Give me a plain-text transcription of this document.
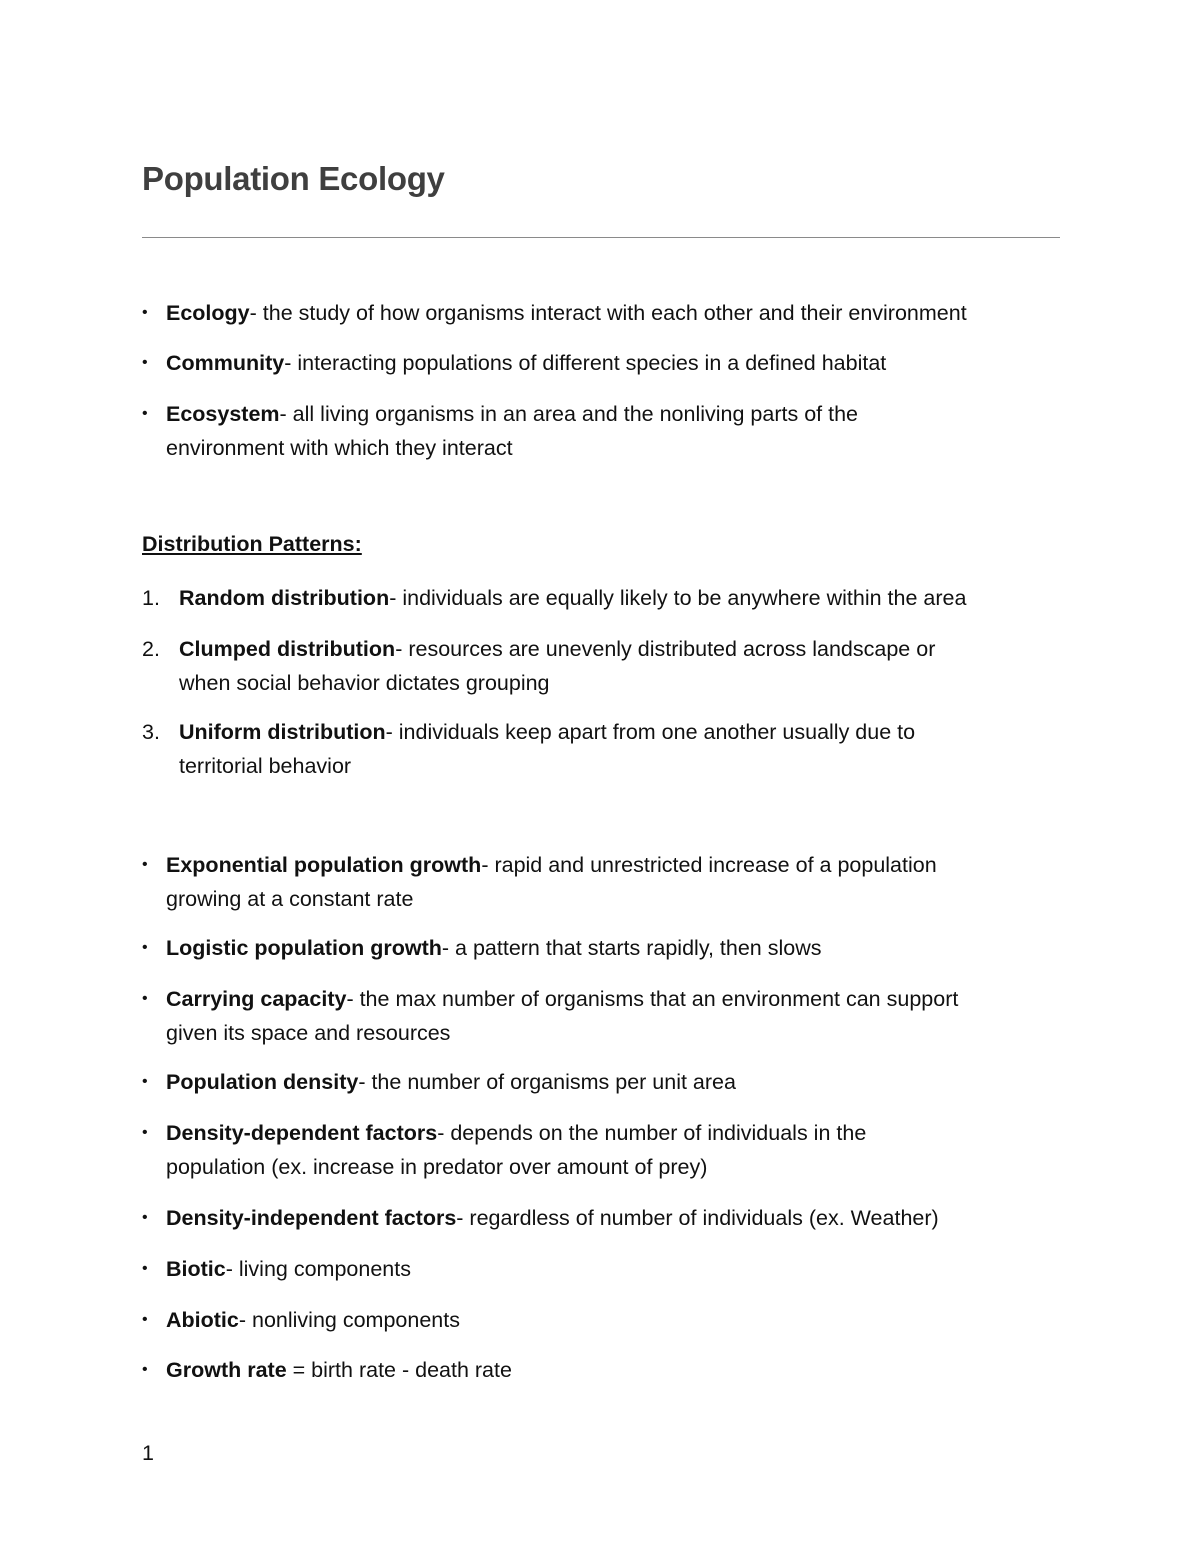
Population Ecology
• Ecology- the study of how organisms interact with each other and their environment
• Community- interacting populations of different species in a defined habitat
• Ecosystem- all living organisms in an area and the nonliving parts of the
environment with which they interact
Distribution Patterns:
1. Random distribution- individuals are equally likely to be anywhere within the area
2. Clumped distribution- resources are unevenly distributed across landscape or
when social behavior dictates grouping
3. Uniform distribution- individuals keep apart from one another usually due to
territorial behavior
• Exponential population growth- rapid and unrestricted increase of a population
growing at a constant rate
• Logistic population growth- a pattern that starts rapidly, then slows
• Carrying capacity- the max number of organisms that an environment can support
given its space and resources
• Population density- the number of organisms per unit area
• Density-dependent factors- depends on the number of individuals in the
population (ex. increase in predator over amount of prey)
• Density-independent factors- regardless of number of individuals (ex. Weather)
• Biotic- living components
• Abiotic- nonliving components
• Growth rate = birth rate - death rate
1
